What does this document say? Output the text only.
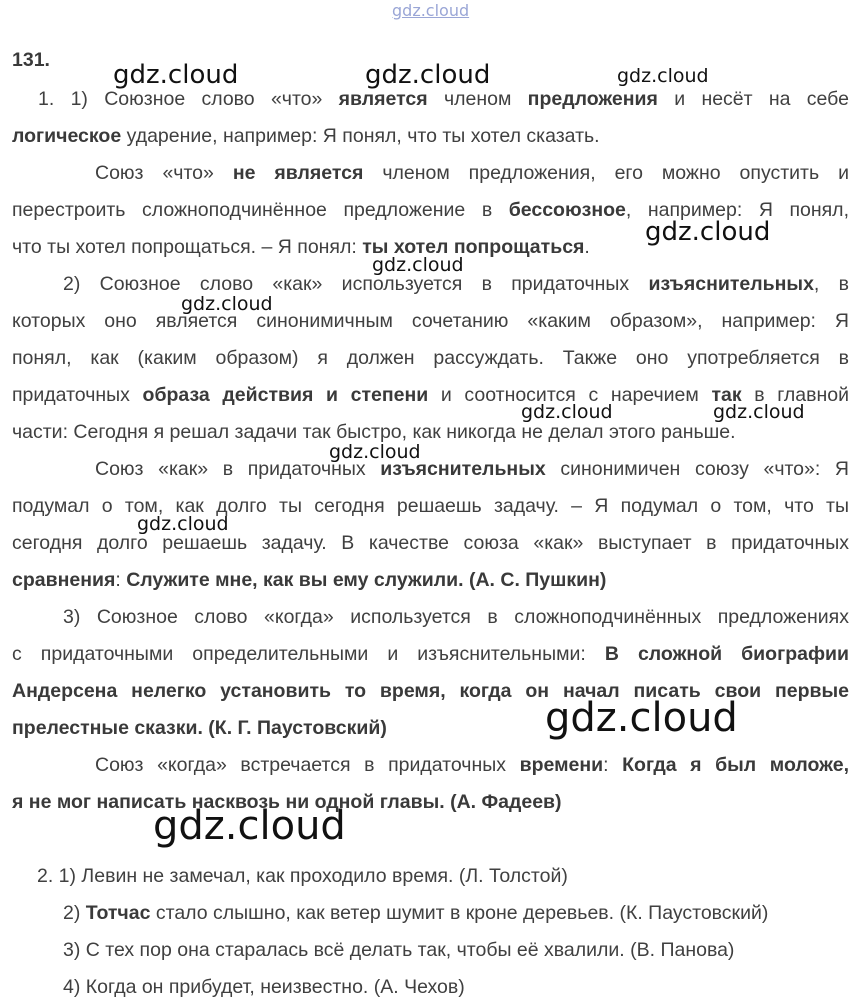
131.
1. 1) Союзное слово «что» является членом предложения и несёт на себе
логическое ударение, например: Я понял, что ты хотел сказать.
Союз «что» не является членом предложения, его можно опустить и
перестроить сложноподчинённое предложение в бессоюзное, например: Я понял,
что ты хотел попрощаться. – Я понял: ты хотел попрощаться.
2) Союзное слово «как» используется в придаточных изъяснительных, в
которых оно является синонимичным сочетанию «каким образом», например: Я
понял, как (каким образом) я должен рассуждать. Также оно употребляется в
придаточных образа действия и степени и соотносится с наречием так в главной
части: Сегодня я решал задачи так быстро, как никогда не делал этого раньше.
Союз «как» в придаточных изъяснительных синонимичен союзу «что»: Я
подумал о том, как долго ты сегодня решаешь задачу. – Я подумал о том, что ты
сегодня долго решаешь задачу. В качестве союза «как» выступает в придаточных
сравнения: Служите мне, как вы ему служили. (А. С. Пушкин)
3) Союзное слово «когда» используется в сложноподчинённых предложениях
с придаточными определительными и изъяснительными: В сложной биографии
Андерсена нелегко установить то время, когда он начал писать свои первые
прелестные сказки. (К. Г. Паустовский)
Союз «когда» встречается в придаточных времени: Когда я был моложе,
я не мог написать насквозь ни одной главы. (А. Фадеев)
2. 1) Левин не замечал, как проходило время. (Л. Толстой)
2) Тотчас стало слышно, как ветер шумит в кроне деревьев. (К. Паустовский)
3) С тех пор она старалась всё делать так, чтобы её хвалили. (В. Панова)
4) Когда он прибудет, неизвестно. (А. Чехов)
gdz.cloud
gdz.cloud	gdz.cloud	gdz.cloud
gdz.cloud
gdz.cloud
gdz.cloud
gdz.cloud	gdz.cloud
gdz.cloud
gdz.cloud
gdz.cloud
gdz.cloud
